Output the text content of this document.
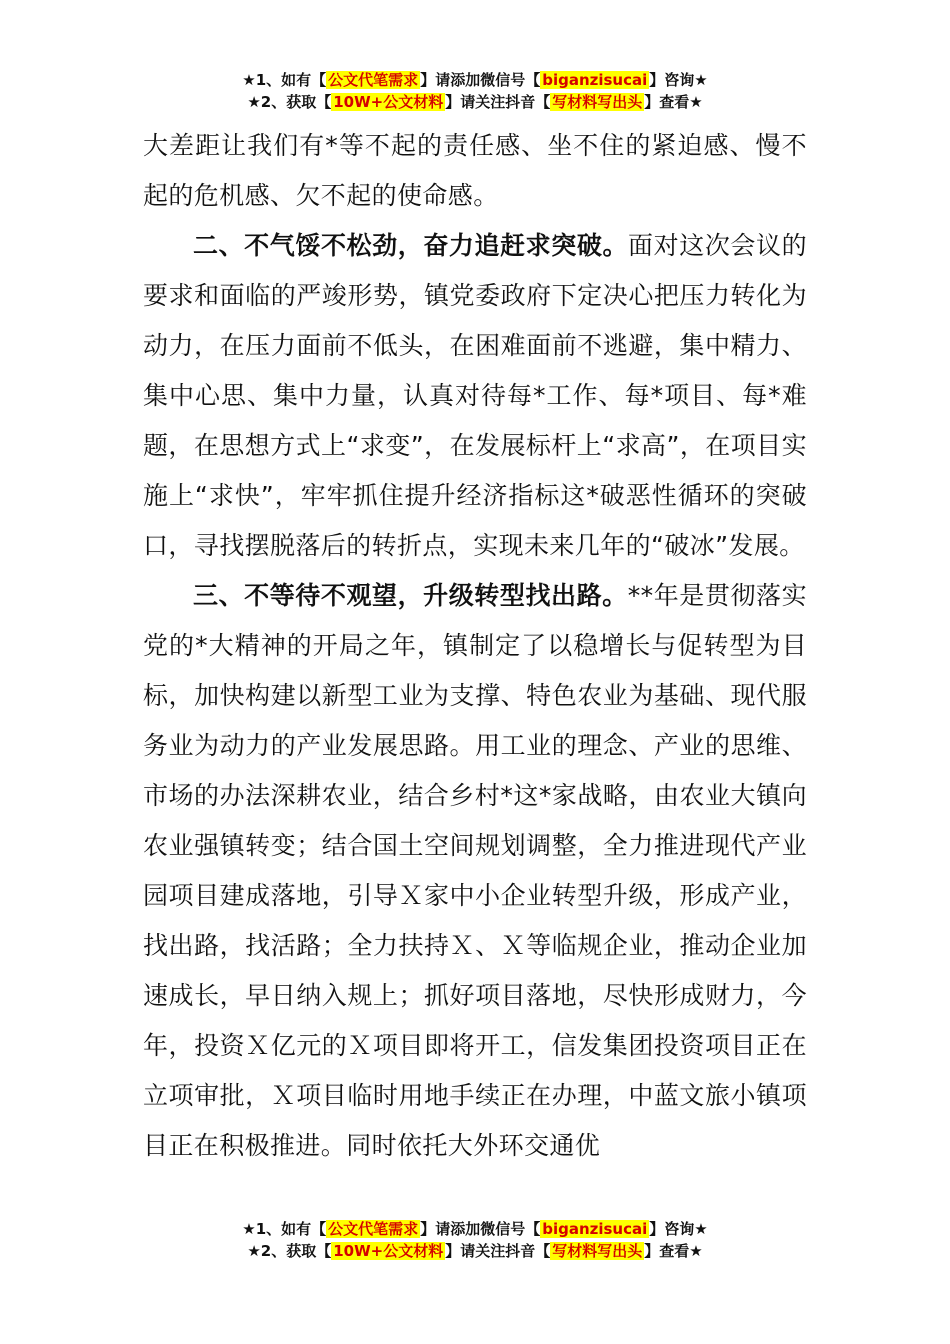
★1、如有【 公文代笔需求 】请添加微信号【 biganzisucai 】咨询★
★2、获取【 10W+公文材料 】请关注抖音【 写材料写出头 】查看★

大差距让我们有*等不起的责任感、坐不住的紧迫感、慢不起的危机感、欠不起的使命感。

二、不气馁不松劲，奋力追赶求突破。面对这次会议的要求和面临的严竣形势，镇党委政府下定决心把压力转化为动力，在压力面前不低头，在困难面前不逃避，集中精力、集中心思、集中力量，认真对待每*工作、每*项目、每*难题，在思想方式上“求变”，在发展标杆上“求高”，在项目实施上“求快”，牢牢抓住提升经济指标这*破恶性循环的突破口，寻找摆脱落后的转折点，实现未来几年的“破冰”发展。

三、不等待不观望，升级转型找出路。**年是贯彻落实党的*大精神的开局之年，镇制定了以稳增长与促转型为目标，加快构建以新型工业为支撑、特色农业为基础、现代服务业为动力的产业发展思路。用工业的理念、产业的思维、市场的办法深耕农业，结合乡村*这*家战略，由农业大镇向农业强镇转变；结合国土空间规划调整，全力推进现代产业园项目建成落地，引导Ｘ家中小企业转型升级，形成产业，找出路，找活路；全力扶持Ｘ、Ｘ等临规企业，推动企业加速成长，早日纳入规上；抓好项目落地，尽快形成财力，今年，投资Ｘ亿元的Ｘ项目即将开工，信发集团投资项目正在立项审批，Ｘ项目临时用地手续正在办理，中蓝文旅小镇项目正在积极推进。同时依托大外环交通优

★1、如有【 公文代笔需求 】请添加微信号【 biganzisucai 】咨询★
★2、获取【 10W+公文材料 】请关注抖音【 写材料写出头 】查看★
